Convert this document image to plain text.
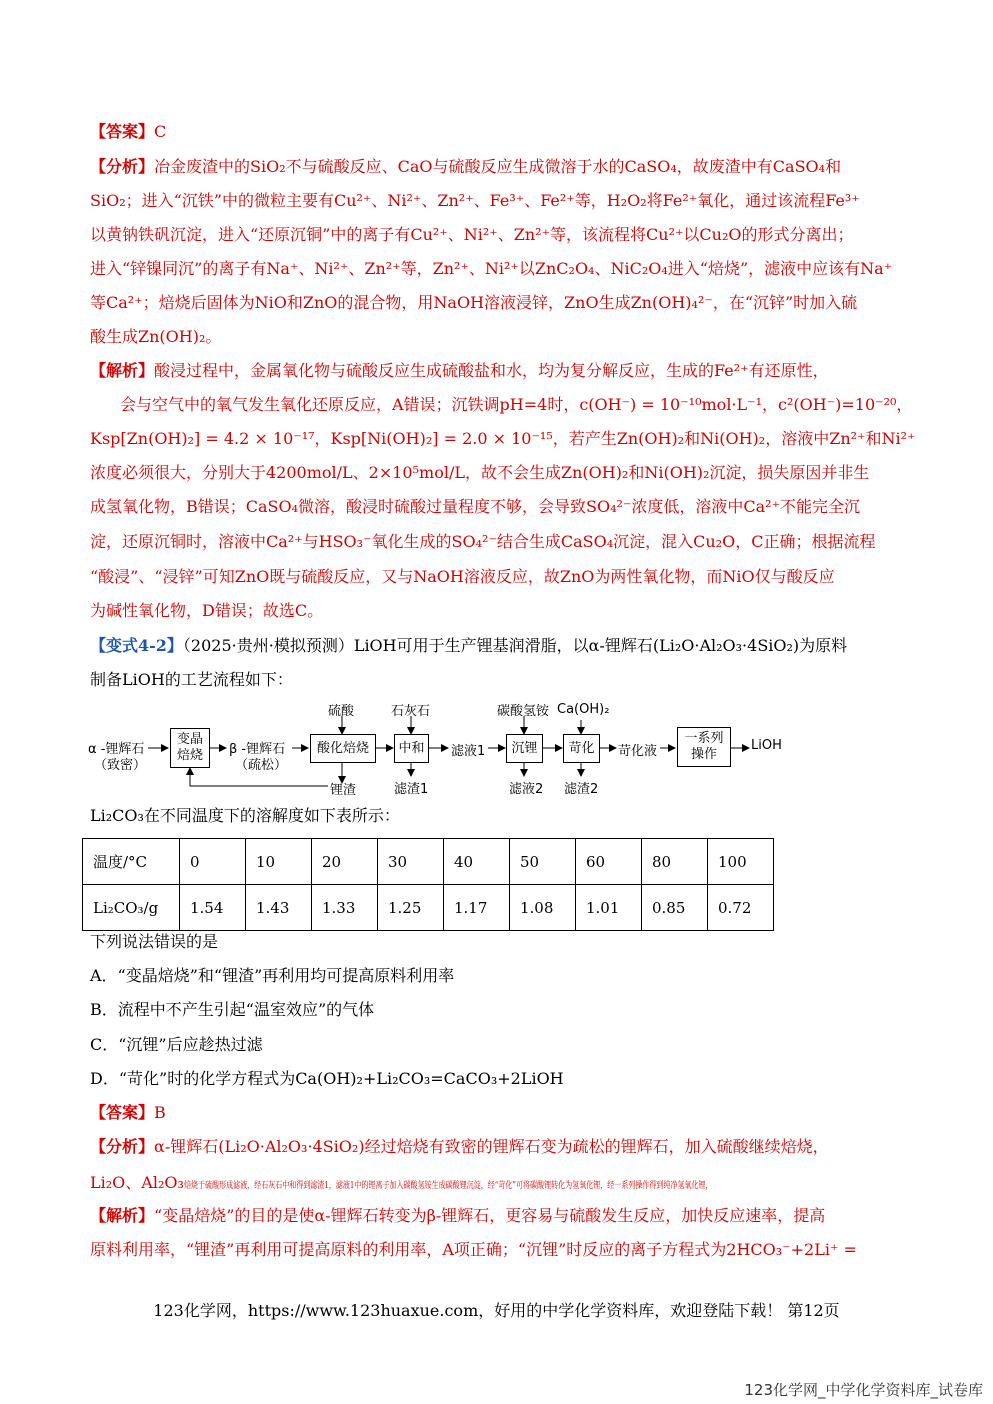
【答案】C
【分析】冶金废渣中的SiO₂不与硫酸反应、CaO与硫酸反应生成微溶于水的CaSO₄，故废渣中有CaSO₄和
SiO₂；进入“沉铁”中的微粒主要有Cu²⁺、Ni²⁺、Zn²⁺、Fe³⁺、Fe²⁺等，H₂O₂将Fe²⁺氧化，通过该流程Fe³⁺
以黄钠铁矾沉淀，进入“还原沉铜”中的离子有Cu²⁺、Ni²⁺、Zn²⁺等，该流程将Cu²⁺以Cu₂O的形式分离出；
进入“锌镍同沉”的离子有Na⁺、Ni²⁺、Zn²⁺等，Zn²⁺、Ni²⁺以ZnC₂O₄、NiC₂O₄进入“焙烧”，滤液中应该有Na⁺
等Ca²⁺；焙烧后固体为NiO和ZnO的混合物，用NaOH溶液浸锌，ZnO生成Zn(OH)₄²⁻，在“沉锌”时加入硫
酸生成Zn(OH)₂。
【解析】酸浸过程中，金属氧化物与硫酸反应生成硫酸盐和水，均为复分解反应，生成的Fe²⁺有还原性，
会与空气中的氧气发生氧化还原反应，A错误；沉铁调pH=4时，c(OH⁻) = 10⁻¹⁰mol·L⁻¹，c²(OH⁻)=10⁻²⁰，
Ksp[Zn(OH)₂] = 4.2 × 10⁻¹⁷，Ksp[Ni(OH)₂] = 2.0 × 10⁻¹⁵，若产生Zn(OH)₂和Ni(OH)₂，溶液中Zn²⁺和Ni²⁺
浓度必须很大，分别大于4200mol/L、2×10⁵mol/L，故不会生成Zn(OH)₂和Ni(OH)₂沉淀，损失原因并非生
成氢氧化物，B错误；CaSO₄微溶，酸浸时硫酸过量程度不够，会导致SO₄²⁻浓度低，溶液中Ca²⁺不能完全沉
淀，还原沉铜时，溶液中Ca²⁺与HSO₃⁻氧化生成的SO₄²⁻结合生成CaSO₄沉淀，混入Cu₂O，C正确；根据流程
“酸浸”、“浸锌”可知ZnO既与硫酸反应，又与NaOH溶液反应，故ZnO为两性氧化物，而NiO仅与酸反应
为碱性氧化物，D错误；故选C。
【变式4-2】（2025·贵州·模拟预测）LiOH可用于生产锂基润滑脂，以α-锂辉石(Li₂O·Al₂O₃·4SiO₂)为原料
制备LiOH的工艺流程如下：
α -锂辉石
（致密）
变晶
焙烧	β -锂辉石
（疏松）
硫酸
酸化焙烧
锂渣
石灰石
中和
滤渣1
滤液1
碳酸氢铵
沉锂
滤液2
Ca(OH)₂
苛化
滤渣2
苛化液
一系列
操作
LiOH
Li₂CO₃在不同温度下的溶解度如下表所示：
温度/°C	0	10	20	30	40	50	60	80	100
Li₂CO₃/g	1.54	1.43	1.33	1.25	1.17	1.08	1.01	0.85	0.72
下列说法错误的是
A．“变晶焙烧”和“锂渣”再利用均可提高原料利用率
B．流程中不产生引起“温室效应”的气体
C．“沉锂”后应趁热过滤
D．“苛化”时的化学方程式为Ca(OH)₂+Li₂CO₃=CaCO₃+2LiOH
【答案】B
【分析】α-锂辉石(Li₂O·Al₂O₃·4SiO₂)经过焙烧有致密的锂辉石变为疏松的锂辉石，加入硫酸继续焙烧，
Li₂O、Al₂O₃焙烧于硫酸形成滤液，经石灰石中和得到滤渣1，滤液1中的锂离子加入碳酸氢铵生成碳酸锂沉淀，经“苛化”可将碳酸锂转化为氢氧化锂，经一系列操作得到纯净氢氧化锂，
【解析】“变晶焙烧”的目的是使α-锂辉石转变为β-锂辉石，更容易与硫酸发生反应，加快反应速率，提高
原料利用率，“锂渣”再利用可提高原料的利用率，A项正确；“沉锂”时反应的离子方程式为2HCO₃⁻+2Li⁺ =
123化学网，https://www.123huaxue.com，好用的中学化学资料库，欢迎登陆下载！ 第12页
123化学网_中学化学资料库_试卷库
